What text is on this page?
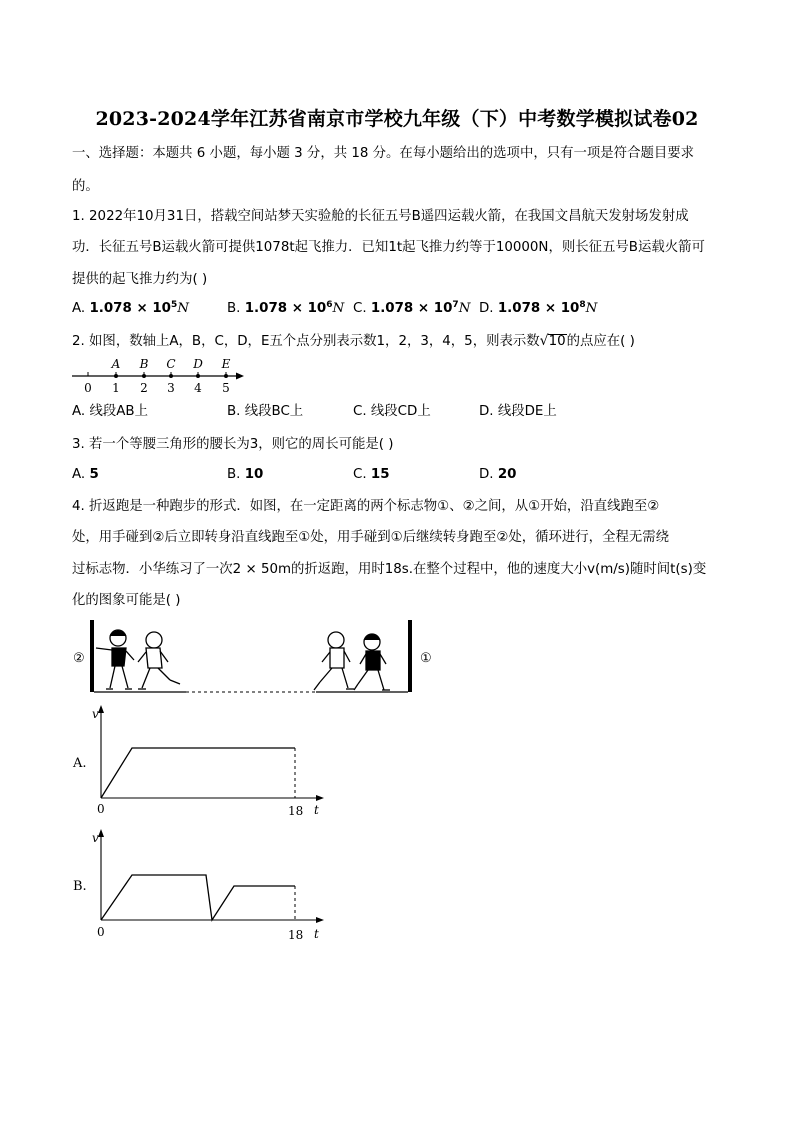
2023-2024学年江苏省南京市学校九年级（下）中考数学模拟试卷02
一、选择题：本题共 6 小题，每小题 3 分，共 18 分。在每小题给出的选项中，只有一项是符合题目要求
的。
1. 2022年10月31日，搭载空间站梦天实验舱的长征五号B遥四运载火箭，在我国文昌航天发射场发射成
功．长征五号B运载火箭可提供1078t起飞推力．已知1t起飞推力约等于10000N，则长征五号B运载火箭可
提供的起飞推力约为( )
A. $1.078 \times 10^5N$	B. $1.078 \times 10^6N$ C. $1.078 \times 10^7N$ D. $1.078 \times 10^8N$
2. 如图，数轴上A，B，C，D，E五个点分别表示数1，2，3，4，5，则表示数√10的点应在( )
A B C D E
0 1 2 3 4 5
A. 线段AB上	B. 线段BC上	C. 线段CD上	D. 线段DE上
3. 若一个等腰三角形的腰长为3，则它的周长可能是( )
A. 5	B. 10	C. 15	D. 20
4. 折返跑是一种跑步的形式．如图，在一定距离的两个标志物①、②之间，从①开始，沿直线跑至②
处，用手碰到②后立即转身沿直线跑至①处，用手碰到①后继续转身跑至②处，循环进行，全程无需绕
过标志物．小华练习了一次2 × 50m的折返跑，用时18s.在整个过程中，他的速度大小v(m/s)随时间t(s)变
化的图象可能是( )
②	①
A.
v
t
0	18
B.
v
t
0	18
